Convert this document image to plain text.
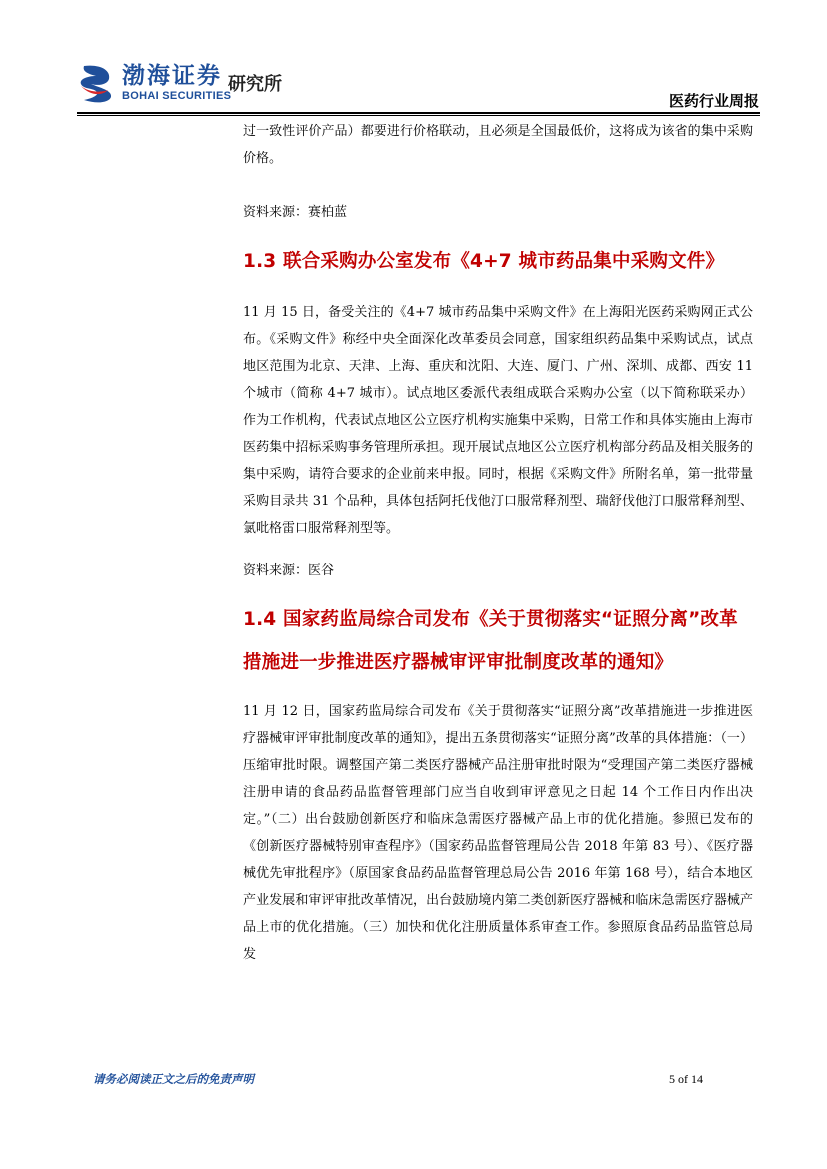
渤海证券
BOHAI SECURITIES
研究所
医药行业周报

过一致性评价产品）都要进行价格联动，且必须是全国最低价，这将成为该省的集中采购价格。

资料来源：赛柏蓝

1.3 联合采购办公室发布《4+7 城市药品集中采购文件》

11 月 15 日，备受关注的《4+7 城市药品集中采购文件》在上海阳光医药采购网正式公布。《采购文件》称经中央全面深化改革委员会同意，国家组织药品集中采购试点，试点地区范围为北京、天津、上海、重庆和沈阳、大连、厦门、广州、深圳、成都、西安 11 个城市（简称 4+7 城市）。试点地区委派代表组成联合采购办公室（以下简称联采办）作为工作机构，代表试点地区公立医疗机构实施集中采购，日常工作和具体实施由上海市医药集中招标采购事务管理所承担。现开展试点地区公立医疗机构部分药品及相关服务的集中采购，请符合要求的企业前来申报。同时，根据《采购文件》所附名单，第一批带量采购目录共 31 个品种，具体包括阿托伐他汀口服常释剂型、瑞舒伐他汀口服常释剂型、氯吡格雷口服常释剂型等。

资料来源：医谷

1.4 国家药监局综合司发布《关于贯彻落实“证照分离”改革措施进一步推进医疗器械审评审批制度改革的通知》

11 月 12 日，国家药监局综合司发布《关于贯彻落实“证照分离”改革措施进一步推进医疗器械审评审批制度改革的通知》，提出五条贯彻落实“证照分离”改革的具体措施：（一）压缩审批时限。调整国产第二类医疗器械产品注册审批时限为“受理国产第二类医疗器械注册申请的食品药品监督管理部门应当自收到审评意见之日起 14 个工作日内作出决定。”（二）出台鼓励创新医疗和临床急需医疗器械产品上市的优化措施。参照已发布的《创新医疗器械特别审查程序》（国家药品监督管理局公告 2018 年第 83 号）、《医疗器械优先审批程序》（原国家食品药品监督管理总局公告 2016 年第 168 号），结合本地区产业发展和审评审批改革情况，出台鼓励境内第二类创新医疗器械和临床急需医疗器械产品上市的优化措施。（三）加快和优化注册质量体系审查工作。参照原食品药品监管总局发

请务必阅读正文之后的免责声明	5 of 14
